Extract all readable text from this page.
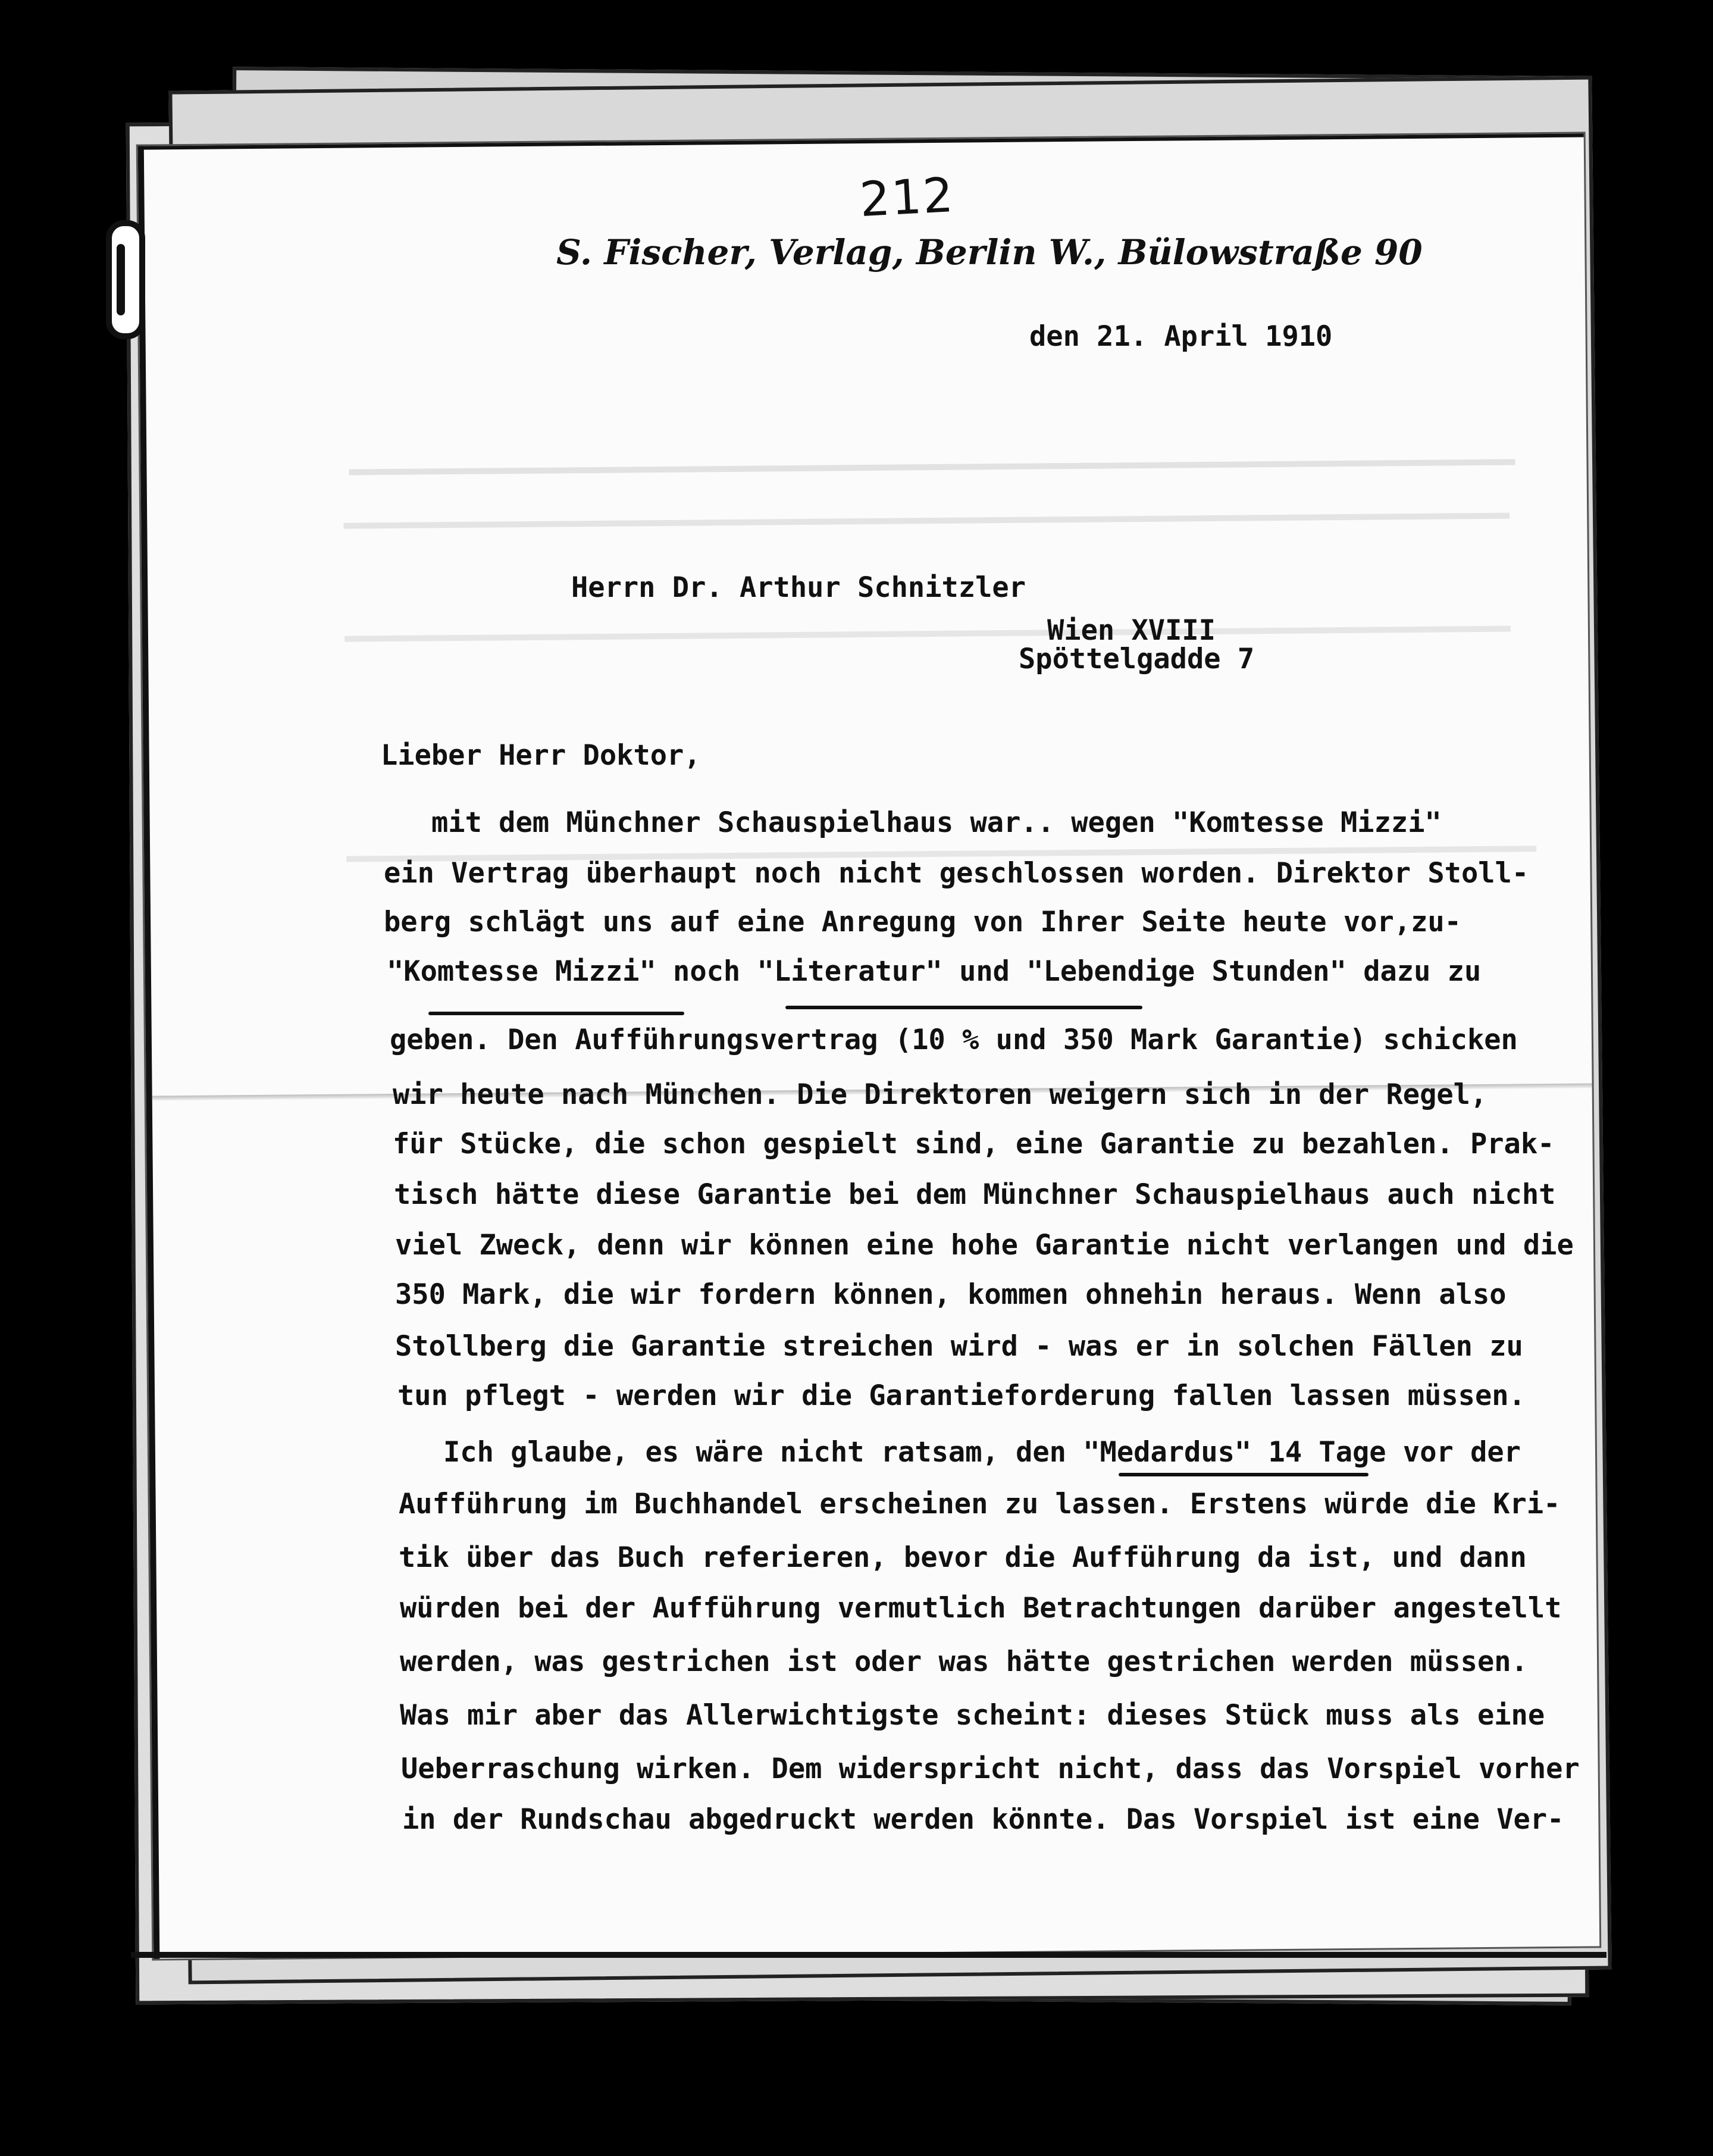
212
S. Fischer, Verlag, Berlin W., Bülowstraße 90
den 21. April 1910
Herrn Dr. Arthur Schnitzler
Wien XVIII
Spöttelgadde 7
Lieber Herr Doktor,
mit dem Münchner Schauspielhaus war.. wegen "Komtesse Mizzi"
ein Vertrag überhaupt noch nicht geschlossen worden. Direktor Stoll-
berg schlägt uns auf eine Anregung von Ihrer Seite heute vor,zu-
"Komtesse Mizzi" noch "Literatur" und "Lebendige Stunden" dazu zu
geben. Den Aufführungsvertrag (10 % und 350 Mark Garantie) schicken
wir heute nach München. Die Direktoren weigern sich in der Regel,
für Stücke, die schon gespielt sind, eine Garantie zu bezahlen. Prak-
tisch hätte diese Garantie bei dem Münchner Schauspielhaus auch nicht
viel Zweck, denn wir können eine hohe Garantie nicht verlangen und die
350 Mark, die wir fordern können, kommen ohnehin heraus. Wenn also
Stollberg die Garantie streichen wird - was er in solchen Fällen zu
tun pflegt - werden wir die Garantieforderung fallen lassen müssen.
Ich glaube, es wäre nicht ratsam, den "Medardus" 14 Tage vor der
Aufführung im Buchhandel erscheinen zu lassen. Erstens würde die Kri-
tik über das Buch referieren, bevor die Aufführung da ist, und dann
würden bei der Aufführung vermutlich Betrachtungen darüber angestellt
werden, was gestrichen ist oder was hätte gestrichen werden müssen.
Was mir aber das Allerwichtigste scheint: dieses Stück muss als eine
Ueberraschung wirken. Dem widerspricht nicht, dass das Vorspiel vorher
in der Rundschau abgedruckt werden könnte. Das Vorspiel ist eine Ver-
